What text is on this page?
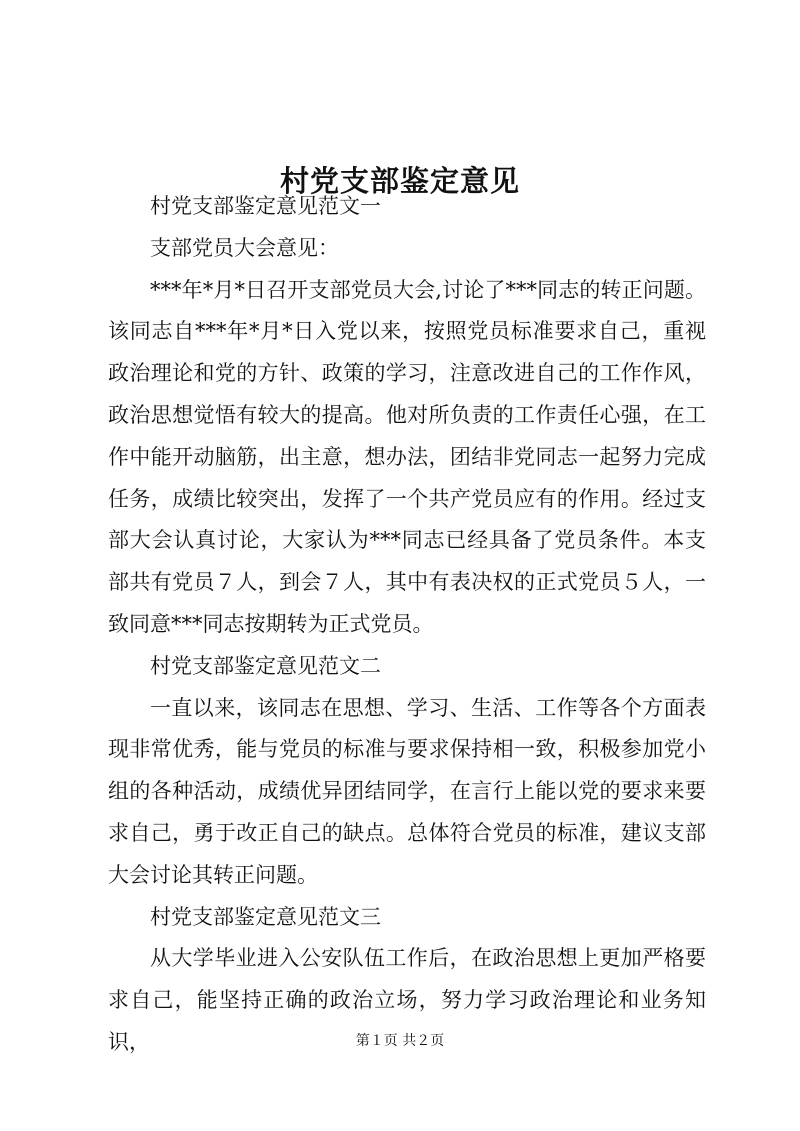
村党支部鉴定意见

村党支部鉴定意见范文一

支部党员大会意见：

***年*月*日召开支部党员大会,讨论了***同志的转正问题。该同志自***年*月*日入党以来，按照党员标准要求自己，重视政治理论和党的方针、政策的学习，注意改进自己的工作作风，政治思想觉悟有较大的提高。他对所负责的工作责任心强，在工作中能开动脑筋，出主意，想办法，团结非党同志一起努力完成任务，成绩比较突出，发挥了一个共产党员应有的作用。经过支部大会认真讨论，大家认为***同志已经具备了党员条件。本支部共有党员７人，到会７人，其中有表决权的正式党员５人，一致同意***同志按期转为正式党员。

村党支部鉴定意见范文二

一直以来，该同志在思想、学习、生活、工作等各个方面表现非常优秀，能与党员的标准与要求保持相一致，积极参加党小组的各种活动，成绩优异团结同学，在言行上能以党的要求来要求自己，勇于改正自己的缺点。总体符合党员的标准，建议支部大会讨论其转正问题。

村党支部鉴定意见范文三

从大学毕业进入公安队伍工作后，在政治思想上更加严格要求自己，能坚持正确的政治立场，努力学习政治理论和业务知识，	第１页 共２页
